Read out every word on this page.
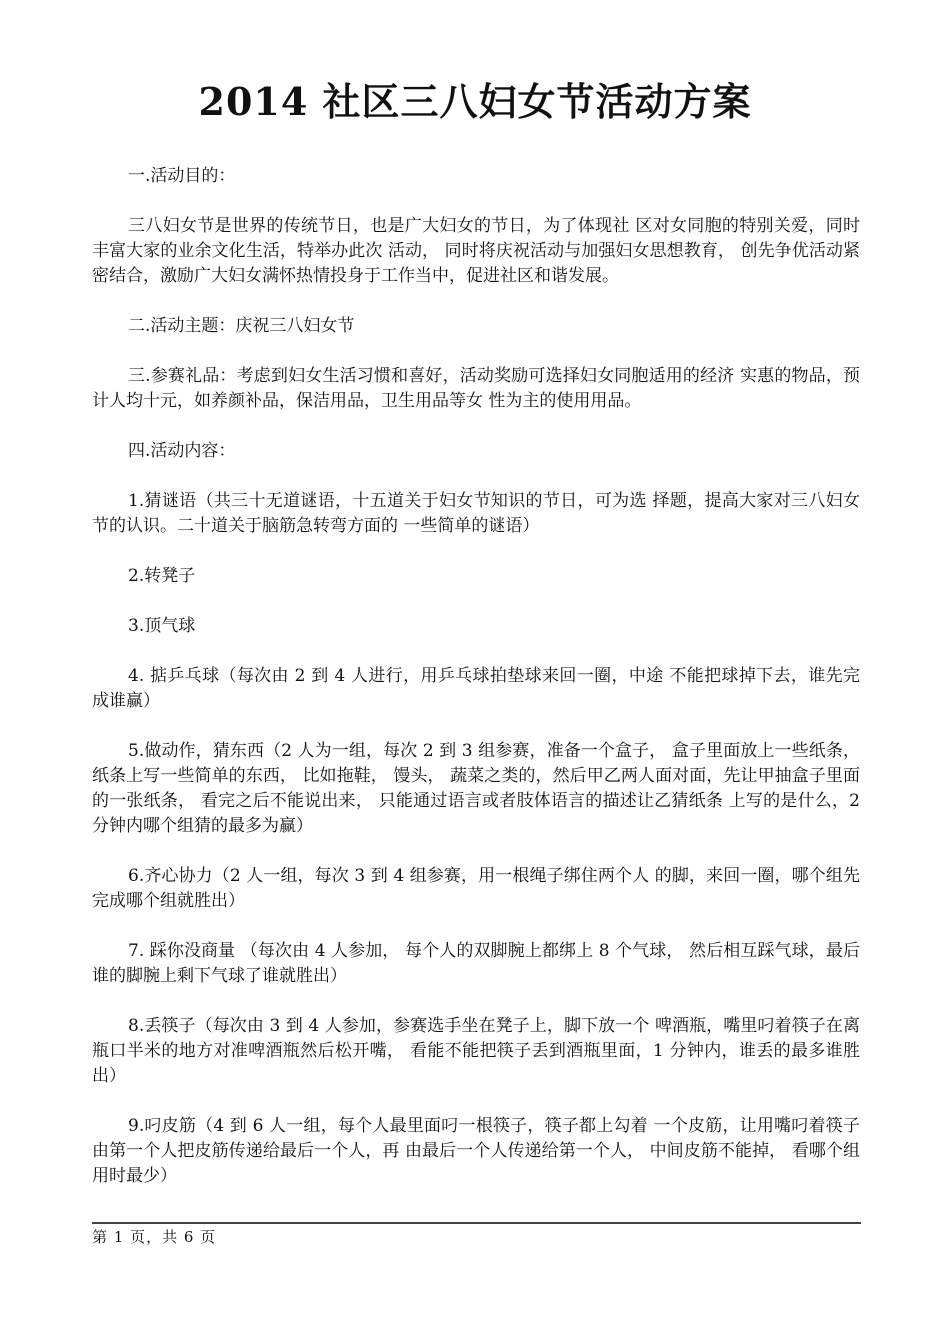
2014 社区三八妇女节活动方案

一.活动目的：

三八妇女节是世界的传统节日，也是广大妇女的节日，为了体现社 区对女同胞的特别关爱，同时丰富大家的业余文化生活，特举办此次 活动， 同时将庆祝活动与加强妇女思想教育， 创先争优活动紧密结合，激励广大妇女满怀热情投身于工作当中，促进社区和谐发展。

二.活动主题：庆祝三八妇女节

三.参赛礼品：考虑到妇女生活习惯和喜好，活动奖励可选择妇女同胞适用的经济 实惠的物品，预计人均十元，如养颜补品，保洁用品，卫生用品等女 性为主的使用用品。

四.活动内容：

1.猜谜语（共三十无道谜语，十五道关于妇女节知识的节日，可为选 择题，提高大家对三八妇女节的认识。二十道关于脑筋急转弯方面的 一些简单的谜语）

2.转凳子

3.顶气球

4. 掂乒乓球（每次由 2 到 4 人进行，用乒乓球拍垫球来回一圈，中途 不能把球掉下去，谁先完成谁赢）

5.做动作，猜东西（2 人为一组，每次 2 到 3 组参赛，准备一个盒子， 盒子里面放上一些纸条， 纸条上写一些简单的东西， 比如拖鞋， 馒头， 蔬菜之类的，然后甲乙两人面对面，先让甲抽盒子里面的一张纸条， 看完之后不能说出来， 只能通过语言或者肢体语言的描述让乙猜纸条 上写的是什么，2 分钟内哪个组猜的最多为赢）

6.齐心协力（2 人一组，每次 3 到 4 组参赛，用一根绳子绑住两个人 的脚，来回一圈，哪个组先完成哪个组就胜出）

7. 踩你没商量 （每次由 4 人参加， 每个人的双脚腕上都绑上 8 个气球， 然后相互踩气球，最后谁的脚腕上剩下气球了谁就胜出）

8.丢筷子（每次由 3 到 4 人参加，参赛选手坐在凳子上，脚下放一个 啤酒瓶，嘴里叼着筷子在离瓶口半米的地方对准啤酒瓶然后松开嘴， 看能不能把筷子丢到酒瓶里面，1 分钟内，谁丢的最多谁胜出）

9.叼皮筋（4 到 6 人一组，每个人最里面叼一根筷子，筷子都上勾着 一个皮筋，让用嘴叼着筷子由第一个人把皮筋传递给最后一个人，再 由最后一个人传递给第一个人， 中间皮筋不能掉， 看哪个组用时最少）

第 1 页，共 6 页
